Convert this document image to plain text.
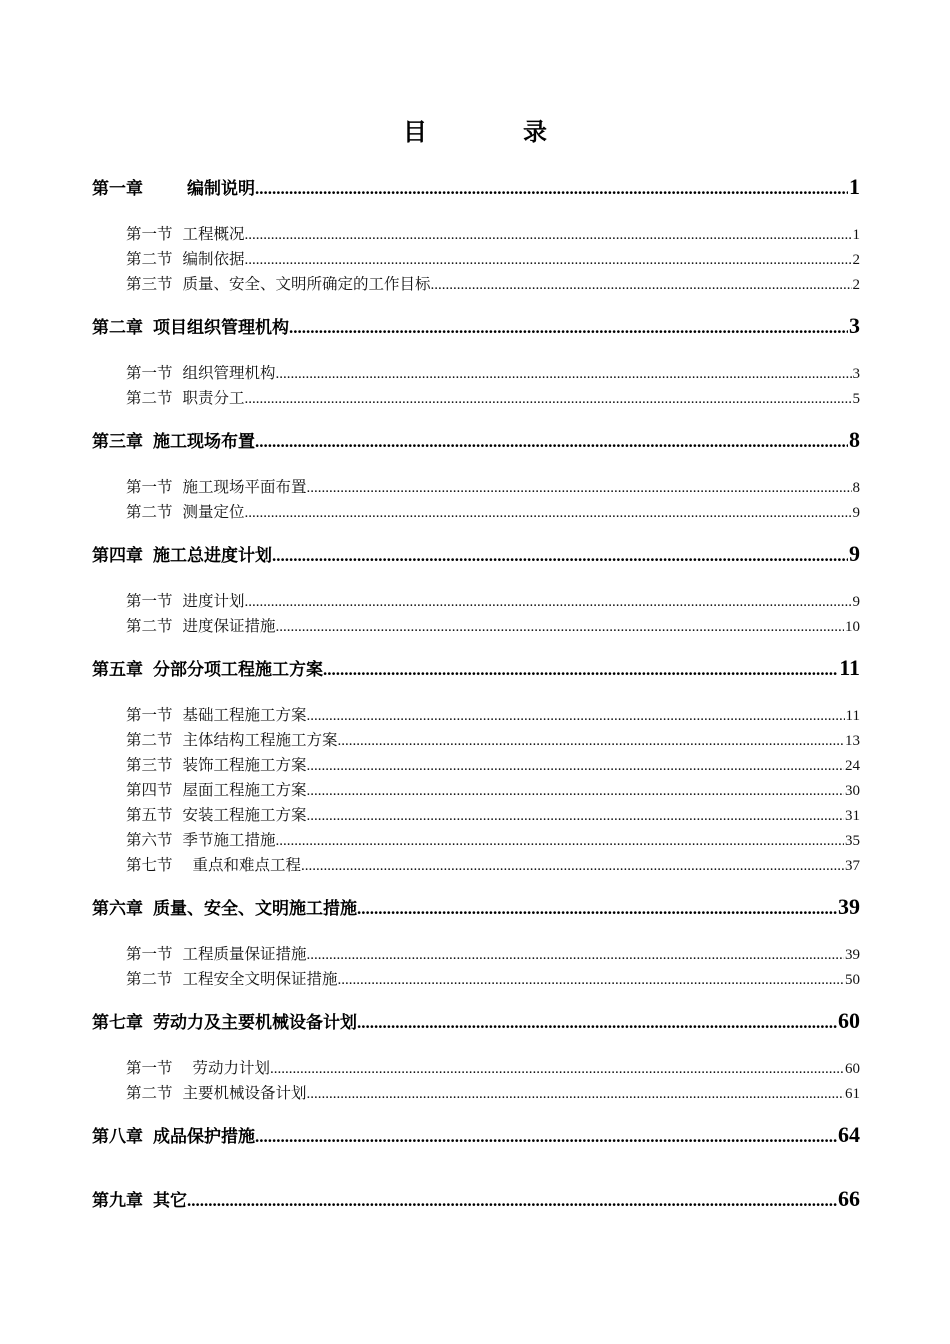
目　录
第一章	编制说明 .....	1
第一节 工程概况 .....	1
第二节 编制依据 .....	2
第三节 质量、安全、文明所确定的工作目标 .....	2
第二章 项目组织管理机构 .....	3
第一节 组织管理机构 .....	3
第二节 职责分工 .....	5
第三章 施工现场布置 .....	8
第一节 施工现场平面布置 .....	8
第二节 测量定位 .....	9
第四章 施工总进度计划 .....	9
第一节 进度计划 .....	9
第二节 进度保证措施 .....	10
第五章 分部分项工程施工方案 .....	11
第一节 基础工程施工方案 .....	11
第二节 主体结构工程施工方案 .....	13
第三节 装饰工程施工方案 .....	24
第四节 屋面工程施工方案 .....	30
第五节 安装工程施工方案 .....	31
第六节 季节施工措施 .....	35
第七节 重点和难点工程 .....	37
第六章 质量、安全、文明施工措施 .....	39
第一节 工程质量保证措施 .....	39
第二节 工程安全文明保证措施 .....	50
第七章 劳动力及主要机械设备计划 .....	60
第一节 劳动力计划 .....	60
第二节 主要机械设备计划 .....	61
第八章 成品保护措施 .....	64
第九章 其它 .....	66
